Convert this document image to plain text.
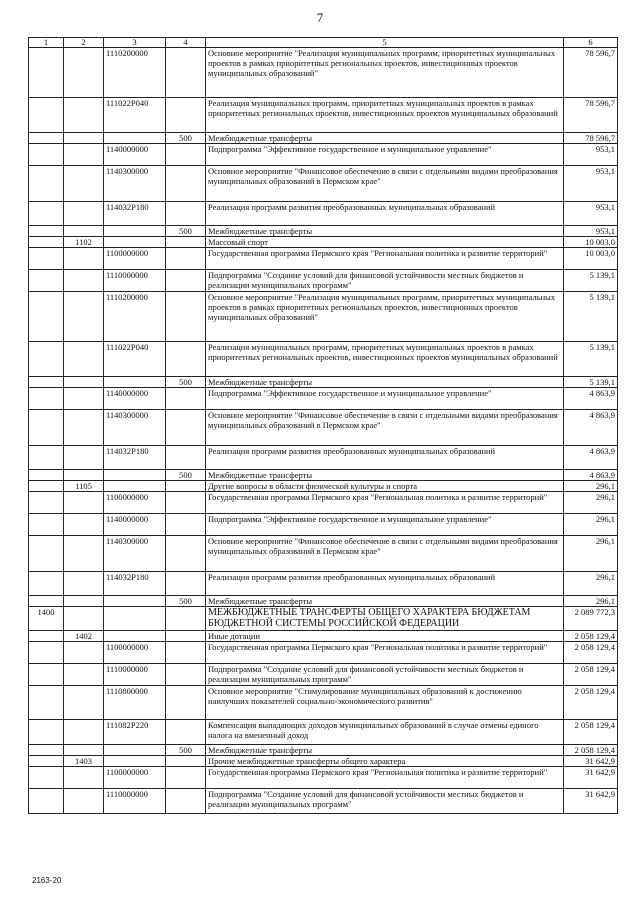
7
1	2	3	4	5	6
		1110200000		Основное мероприятие "Реализация муниципальных программ, приоритетных муниципальных проектов в рамках приоритетных региональных проектов, инвестиционных проектов муниципальных образований"	78 596,7
		111022P040		Реализация муниципальных программ, приоритетных муниципальных проектов в рамках приоритетных региональных проектов, инвестиционных проектов муниципальных образований	78 596,7
			500	Межбюджетные трансферты	78 596,7
		1140000000		Подпрограмма "Эффективное государственное и муниципальное управление"	953,1
		1140300000		Основное мероприятие "Финансовое обеспечение в связи с отдельными видами преобразования муниципальных образований в Пермском крае"	953,1
		114032P180		Реализация программ развития преобразованных муниципальных образований	953,1
			500	Межбюджетные трансферты	953,1
	1102			Массовый спорт	10 003,0
		1100000000		Государственная программа Пермского края "Региональная политика и развитие территорий"	10 003,0
		1110000000		Подпрограмма "Создание условий для финансовой устойчивости местных бюджетов и реализации муниципальных программ"	5 139,1
		1110200000		Основное мероприятие "Реализация муниципальных программ, приоритетных муниципальных проектов в рамках приоритетных региональных проектов, инвестиционных проектов муниципальных образований"	5 139,1
		111022P040		Реализация муниципальных программ, приоритетных муниципальных проектов в рамках приоритетных региональных проектов, инвестиционных проектов муниципальных образований	5 139,1
			500	Межбюджетные трансферты	5 139,1
		1140000000		Подпрограмма "Эффективное государственное и муниципальное управление"	4 863,9
		1140300000		Основное мероприятие "Финансовое обеспечение в связи с отдельными видами преобразования муниципальных образований в Пермском крае"	4 863,9
		114032P180		Реализация программ развития преобразованных муниципальных образований	4 863,9
			500	Межбюджетные трансферты	4 863,9
	1105			Другие вопросы в области физической культуры и спорта	296,1
		1100000000		Государственная программа Пермского края "Региональная политика и развитие территорий"	296,1
		1140000000		Подпрограмма "Эффективное государственное и муниципальное управление"	296,1
		1140300000		Основное мероприятие "Финансовое обеспечение в связи с отдельными видами преобразования муниципальных образований в Пермском крае"	296,1
		114032P180		Реализация программ развития преобразованных муниципальных образований	296,1
			500	Межбюджетные трансферты	296,1
1400				МЕЖБЮДЖЕТНЫЕ ТРАНСФЕРТЫ ОБЩЕГО ХАРАКТЕРА БЮДЖЕТАМ БЮДЖЕТНОЙ СИСТЕМЫ РОССИЙСКОЙ ФЕДЕРАЦИИ	2 089 772,3
	1402			Иные дотации	2 058 129,4
		1100000000		Государственная программа Пермского края "Региональная политика и развитие территорий"	2 058 129,4
		1110000000		Подпрограмма "Создание условий для финансовой устойчивости местных бюджетов и реализации муниципальных программ"	2 058 129,4
		1110800000		Основное мероприятие "Стимулирование муниципальных образований к достижению наилучших показателей социально-экономического развития"	2 058 129,4
		111082P220		Компенсация выпадающих доходов муниципальных образований в случае отмены единого налога на вмененный доход	2 058 129,4
			500	Межбюджетные трансферты	2 058 129,4
	1403			Прочие межбюджетные трансферты общего характера	31 642,9
		1100000000		Государственная программа Пермского края "Региональная политика и развитие территорий"	31 642,9
		1110000000		Подпрограмма "Создание условий для финансовой устойчивости местных бюджетов и реализации муниципальных программ"	31 642,9
2163-20
